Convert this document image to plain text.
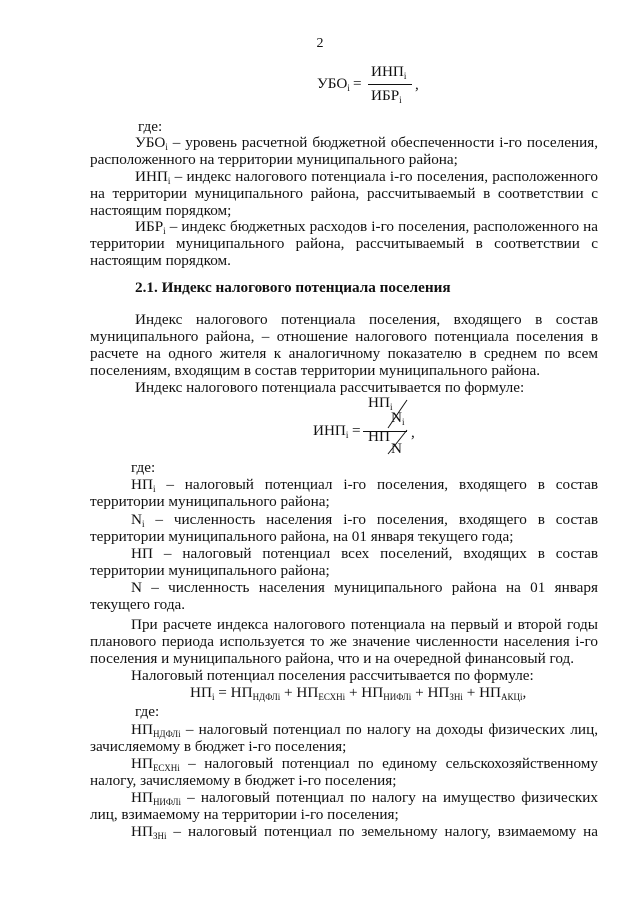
2
$УБО_i$ =
$ИНП_i$
$ИБР_i$
,
где:
$УБО_i$ – уровень расчетной бюджетной обеспеченности i-го поселения,
расположенного на территории муниципального района;
$ИНП_i$ – индекс налогового потенциала i-го поселения, расположенного
на территории муниципального района, рассчитываемый в соответствии с
настоящим порядком;
$ИБР_i$ – индекс бюджетных расходов i-го поселения, расположенного на
территории муниципального района, рассчитываемый в соответствии с
настоящим порядком.
2.1. Индекс налогового потенциала поселения
Индекс налогового потенциала поселения, входящего в состав
муниципального района, – отношение налогового потенциала поселения в
расчете на одного жителя к аналогичному показателю в среднем по всем
поселениям, входящим в состав территории муниципального района.
Индекс налогового потенциала рассчитывается по формуле:
$ИНП_i$ =
$НП_i$
$N_i$
НП
N
,
где:
$НП_i$ – налоговый потенциал i-го поселения, входящего в состав
территории муниципального района;
$N_i$ – численность населения i-го поселения, входящего в состав
территории муниципального района, на 01 января текущего года;
НП – налоговый потенциал всех поселений, входящих в состав
территории муниципального района;
N – численность населения муниципального района на 01 января
текущего года.
При расчете индекса налогового потенциала на первый и второй годы
планового периода используется то же значение численности населения i-го
поселения и муниципального района, что и на очередной финансовый год.
Налоговый потенциал поселения рассчитывается по формуле:
$НП_i = НП_{НДФЛi} + НП_{ЕСХНi} + НП_{НИФЛi} + НП_{ЗНi} + НП_{АКЦi}$,
где:
$НП_{НДФЛi}$ – налоговый потенциал по налогу на доходы физических лиц,
зачисляемому в бюджет i-го поселения;
$НП_{ЕСХНi}$ – налоговый потенциал по единому сельскохозяйственному
налогу, зачисляемому в бюджет i-го поселения;
$НП_{НИФЛi}$ – налоговый потенциал по налогу на имущество физических
лиц, взимаемому на территории i-го поселения;
$НП_{ЗНi}$ – налоговый потенциал по земельному налогу, взимаемому на
